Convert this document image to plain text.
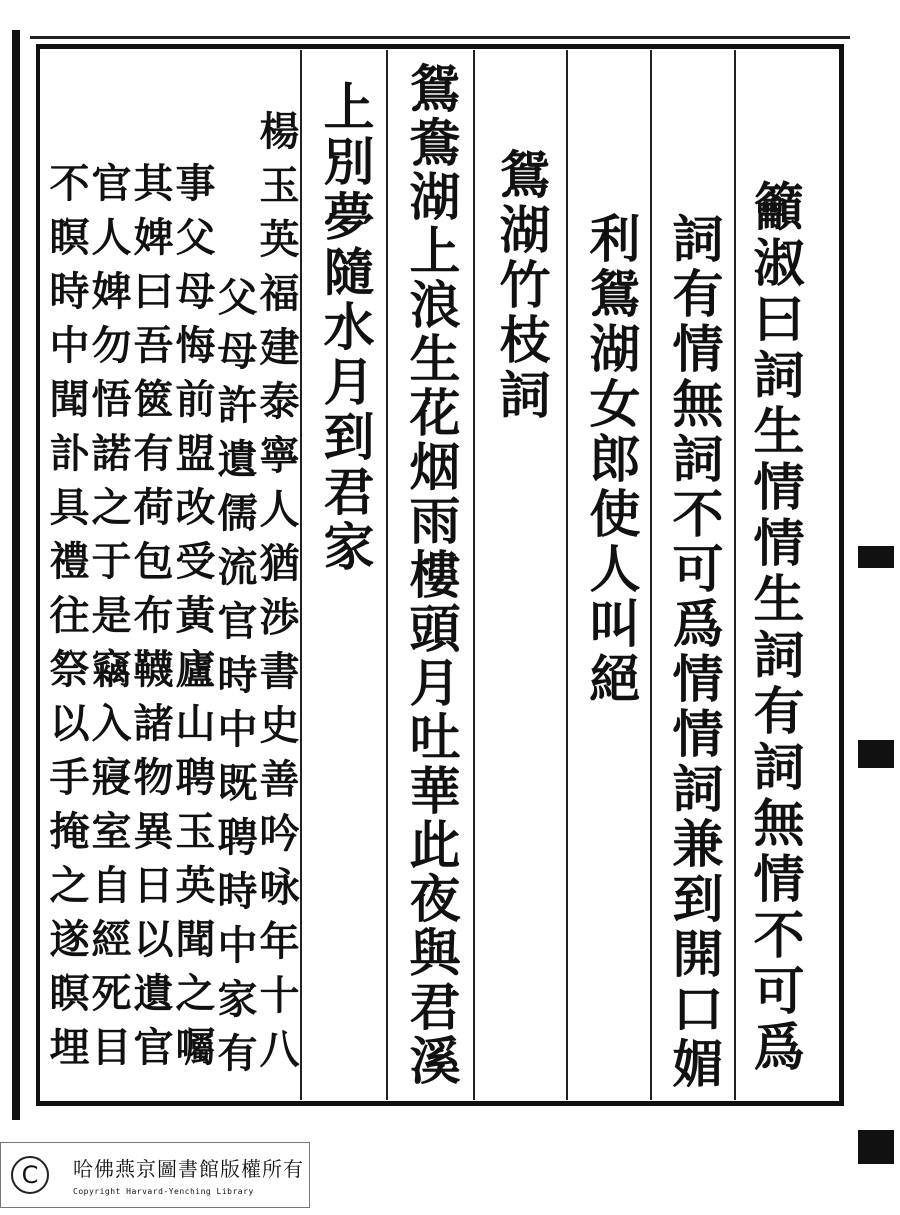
籲淑曰詞生情情生詞有詞無情不可爲
詞有情無詞不可爲情情詞兼到開口媚
利鴛湖女郎使人叫絕
鴛湖竹枝詞
鴛鴦湖上浪生花烟雨樓頭月吐華此夜與君溪
上別夢隨水月到君家
楊玉英福建泰寧人猶渉書史善吟咏年十八
事父母悔前盟改受黃廬山聘玉英聞之囑
其婢曰吾篋有荷包布韈諸物異日以遺官
官人婢勿悟諾之于是竊入寢室自經死目
不瞑時中聞訃具禮往祭以手掩之遂瞑埋	父母許遺儒流官時中既聘時中家有
C	哈佛燕京圖書館版權所有
Copyright Harvard-Yenching Library
